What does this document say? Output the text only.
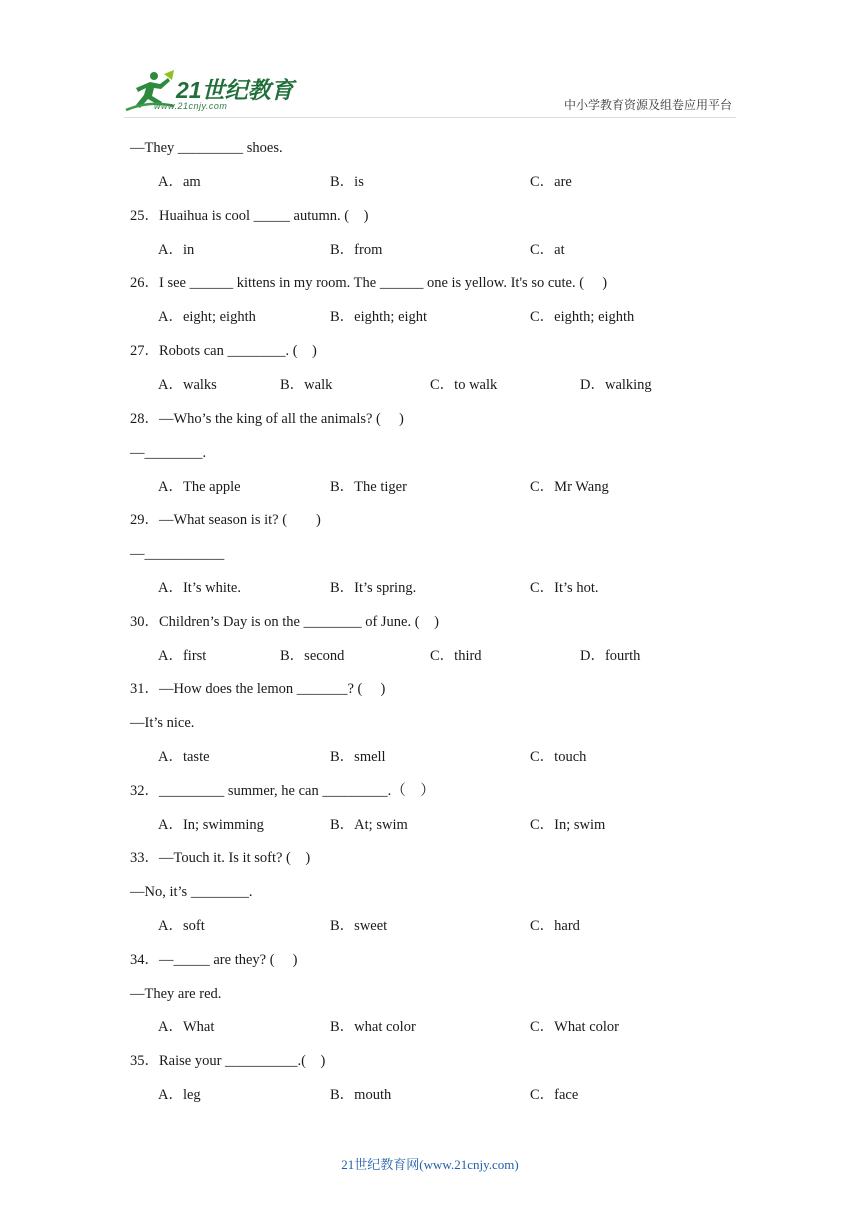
21世纪教育
www.21cnjy.com	中小学教育资源及组卷应用平台
—They _________ shoes.
A．am	B．is	C．are
25．Huaihua is cool _____ autumn. (　)
A．in	B．from	C．at
26．I see ______ kittens in my room. The ______ one is yellow. It's so cute. (　 )
A．eight; eighth	B．eighth; eight	C．eighth; eighth
27．Robots can ________. (　)
A．walks	B．walk	C．to walk	D．walking
28．—Who’s the king of all the animals? (　 )
—________.
A．The apple	B．The tiger	C．Mr Wang
29．—What season is it? (　　)
—___________
A．It’s white.	B．It’s spring.	C．It’s hot.
30．Children’s Day is on the ________ of June. (　)
A．first	B．second	C．third	D．fourth
31．—How does the lemon _______? (　 )
—It’s nice.
A．taste	B．smell	C．touch
32．_________ summer, he can _________.（　）
A．In; swimming	B．At; swim	C．In; swim
33．—Touch it. Is it soft? (　)
—No, it’s ________.
A．soft	B．sweet	C．hard
34．—_____ are they? (　 )
—They are red.
A．What	B．what color	C．What color
35．Raise your __________.(　)
A．leg	B．mouth	C．face
21世纪教育网(www.21cnjy.com)
